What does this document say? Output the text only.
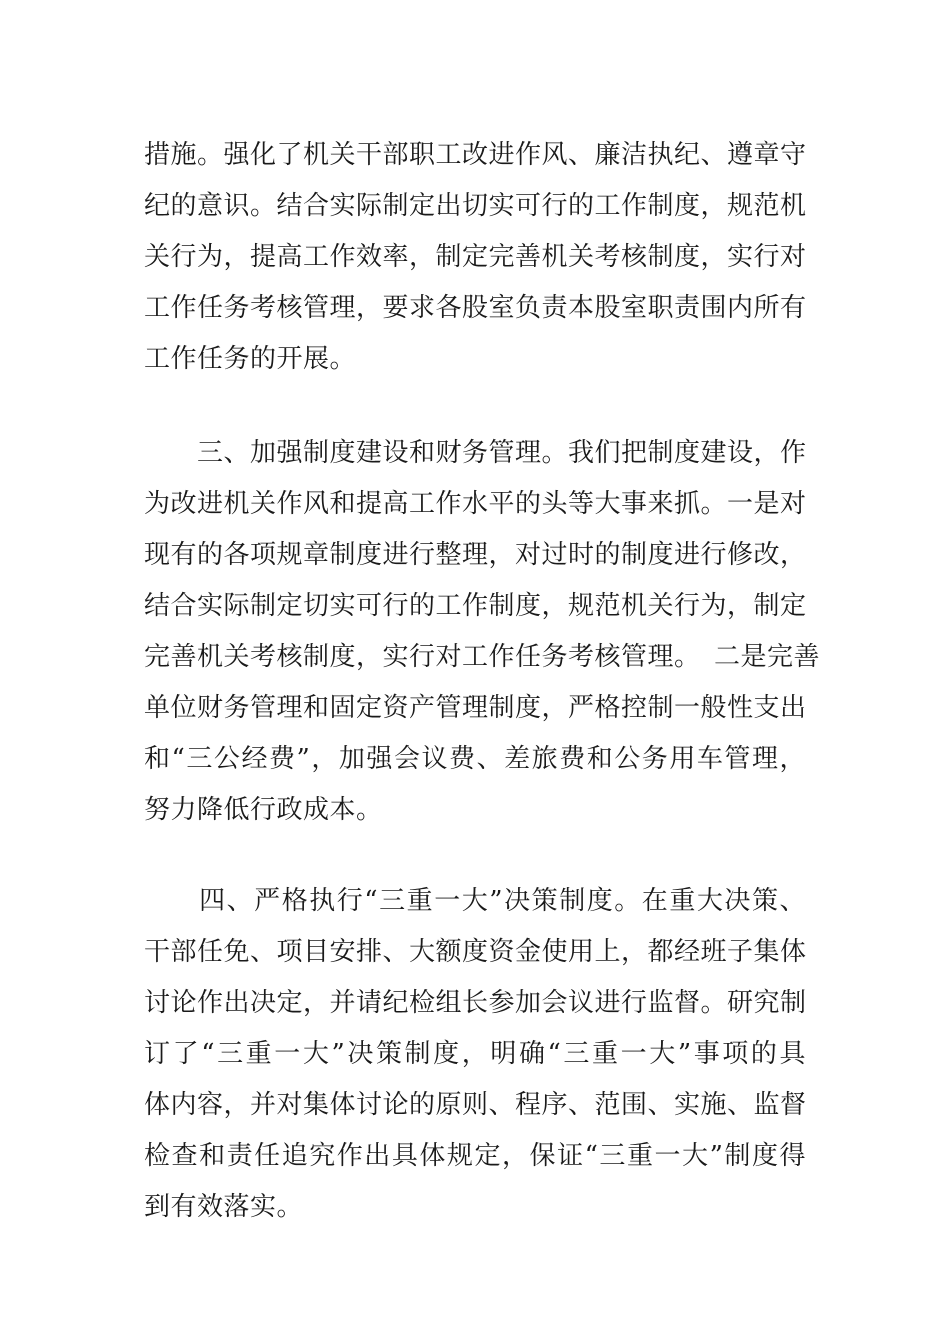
措施。强化了机关干部职工改进作风、廉洁执纪、遵章守
纪的意识。结合实际制定出切实可行的工作制度，规范机
关行为，提高工作效率，制定完善机关考核制度，实行对
工作任务考核管理，要求各股室负责本股室职责围内所有
工作任务的开展。

　　三、加强制度建设和财务管理。我们把制度建设，作
为改进机关作风和提高工作水平的头等大事来抓。一是对
现有的各项规章制度进行整理，对过时的制度进行修改，
结合实际制定切实可行的工作制度，规范机关行为，制定
完善机关考核制度，实行对工作任务考核管理。　二是完善
单位财务管理和固定资产管理制度，严格控制一般性支出
和“三公经费”，加强会议费、差旅费和公务用车管理，
努力降低行政成本。

　　四、严格执行“三重一大”决策制度。在重大决策、
干部任免、项目安排、大额度资金使用上，都经班子集体
讨论作出决定，并请纪检组长参加会议进行监督。研究制
订了“三重一大”决策制度，明确“三重一大”事项的具
体内容，并对集体讨论的原则、程序、范围、实施、监督
检查和责任追究作出具体规定，保证“三重一大”制度得
到有效落实。
